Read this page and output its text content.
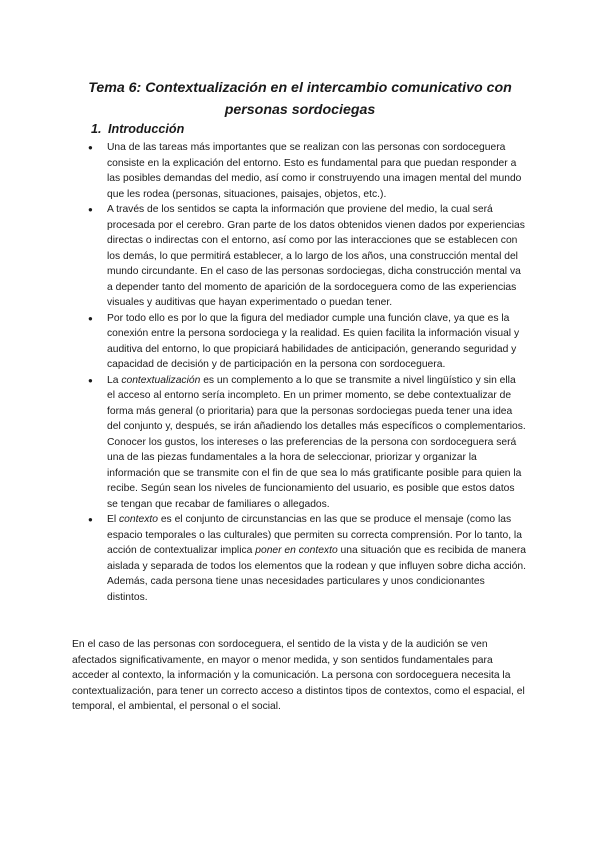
Tema 6: Contextualización en el intercambio comunicativo con personas sordociegas
1. Introducción
● Una de las tareas más importantes que se realizan con las personas con sordoceguera consiste en la explicación del entorno. Esto es fundamental para que puedan responder a las posibles demandas del medio, así como ir construyendo una imagen mental del mundo que les rodea (personas, situaciones, paisajes, objetos, etc.).
● A través de los sentidos se capta la información que proviene del medio, la cual será procesada por el cerebro. Gran parte de los datos obtenidos vienen dados por experiencias directas o indirectas con el entorno, así como por las interacciones que se establecen con los demás, lo que permitirá establecer, a lo largo de los años, una construcción mental del mundo circundante. En el caso de las personas sordociegas, dicha construcción mental va a depender tanto del momento de aparición de la sordoceguera como de las experiencias visuales y auditivas que hayan experimentado o puedan tener.
● Por todo ello es por lo que la figura del mediador cumple una función clave, ya que es la conexión entre la persona sordociega y la realidad. Es quien facilita la información visual y auditiva del entorno, lo que propiciará habilidades de anticipación, generando seguridad y capacidad de decisión y de participación en la persona con sordoceguera.
● La contextualización es un complemento a lo que se transmite a nivel lingüístico y sin ella el acceso al entorno sería incompleto. En un primer momento, se debe contextualizar de forma más general (o prioritaria) para que la personas sordociegas pueda tener una idea del conjunto y, después, se irán añadiendo los detalles más específicos o complementarios. Conocer los gustos, los intereses o las preferencias de la persona con sordoceguera será una de las piezas fundamentales a la hora de seleccionar, priorizar y organizar la información que se transmite con el fin de que sea lo más gratificante posible para quien la recibe. Según sean los niveles de funcionamiento del usuario, es posible que estos datos se tengan que recabar de familiares o allegados.
● El contexto es el conjunto de circunstancias en las que se produce el mensaje (como las espacio temporales o las culturales) que permiten su correcta comprensión. Por lo tanto, la acción de contextualizar implica poner en contexto una situación que es recibida de manera aislada y separada de todos los elementos que la rodean y que influyen sobre dicha acción. Además, cada persona tiene unas necesidades particulares y unos condicionantes distintos.

En el caso de las personas con sordoceguera, el sentido de la vista y de la audición se ven afectados significativamente, en mayor o menor medida, y son sentidos fundamentales para acceder al contexto, la información y la comunicación. La persona con sordoceguera necesita la contextualización, para tener un correcto acceso a distintos tipos de contextos, como el espacial, el temporal, el ambiental, el personal o el social.
